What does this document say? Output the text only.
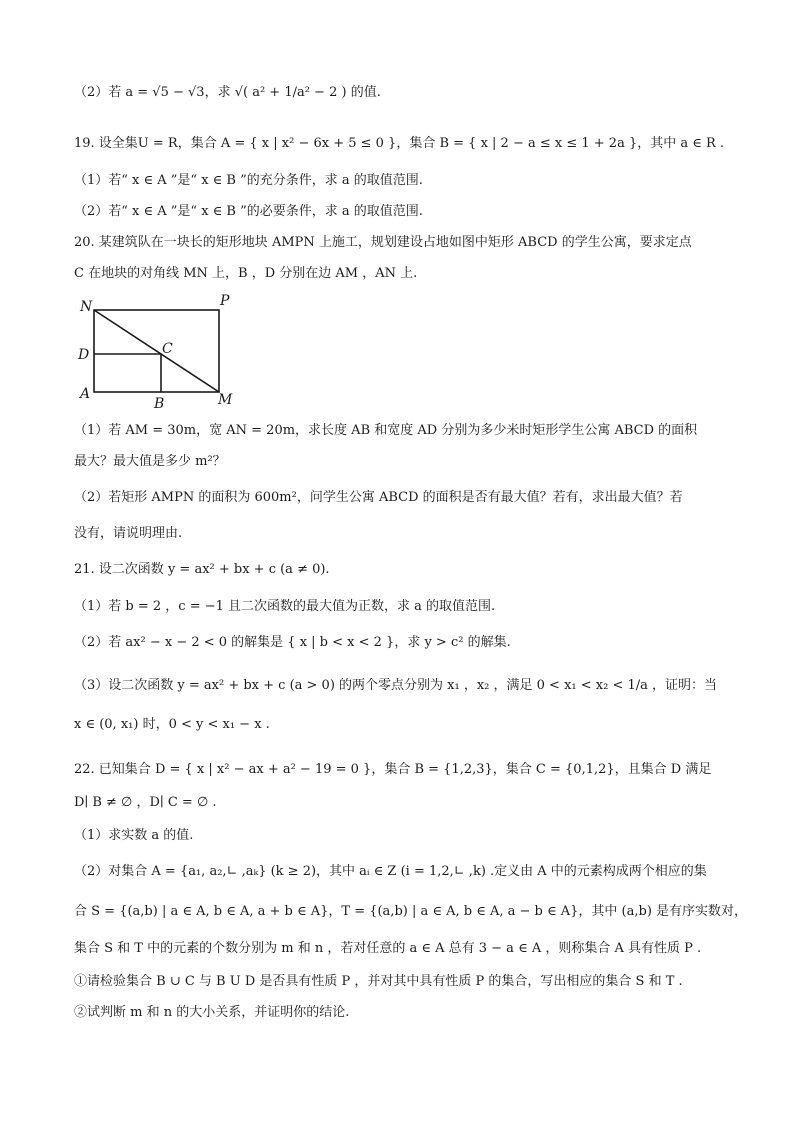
（2）若 a = √5 − √3，求 √( a² + 1/a² − 2 ) 的值.
19. 设全集U = R，集合 A = { x | x² − 6x + 5 ≤ 0 }，集合 B = { x | 2 − a ≤ x ≤ 1 + 2a }，其中 a ∈ R .
（1）若“ x ∈ A ”是“ x ∈ B ”的充分条件，求 a 的取值范围.
（2）若“ x ∈ A ”是“ x ∈ B ”的必要条件，求 a 的取值范围.
20. 某建筑队在一块长的矩形地块 AMPN 上施工，规划建设占地如图中矩形 ABCD 的学生公寓，要求定点
C 在地块的对角线 MN 上，B ，D 分别在边 AM ，AN 上.
N	P
D	C
A
B	M
（1）若 AM = 30m，宽 AN = 20m，求长度 AB 和宽度 AD 分别为多少米时矩形学生公寓 ABCD 的面积
最大？最大值是多少 m²？
（2）若矩形 AMPN 的面积为 600m²，问学生公寓 ABCD 的面积是否有最大值？若有，求出最大值？若
没有，请说明理由.
21. 设二次函数 y = ax² + bx + c (a ≠ 0).
（1）若 b = 2 ，c = −1 且二次函数的最大值为正数，求 a 的取值范围.
（2）若 ax² − x − 2 < 0 的解集是 { x | b < x < 2 }，求 y > c² 的解集.
（3）设二次函数 y = ax² + bx + c (a > 0) 的两个零点分别为 x₁ ，x₂ ，满足 0 < x₁ < x₂ < 1/a ，证明：当
x ∈ (0, x₁) 时，0 < y < x₁ − x .
22. 已知集合 D = { x | x² − ax + a² − 19 = 0 }，集合 B = {1,2,3}，集合 C = {0,1,2}，且集合 D 满足
D∣ B ≠ ∅ ，D∣ C = ∅ .
（1）求实数 a 的值.
（2）对集合 A = {a₁, a₂,∟ ,aₖ} (k ≥ 2)，其中 aᵢ ∈ Z (i = 1,2,∟ ,k) .定义由 A 中的元素构成两个相应的集
合 S = {(a,b) | a ∈ A, b ∈ A, a + b ∈ A}，T = {(a,b) | a ∈ A, b ∈ A, a − b ∈ A}，其中 (a,b) 是有序实数对，
集合 S 和 T 中的元素的个数分别为 m 和 n ，若对任意的 a ∈ A 总有 3 − a ∈ A ，则称集合 A 具有性质 P .
①请检验集合 B ∪ C 与 B U D 是否具有性质 P ，并对其中具有性质 P 的集合，写出相应的集合 S 和 T .
②试判断 m 和 n 的大小关系，并证明你的结论.
